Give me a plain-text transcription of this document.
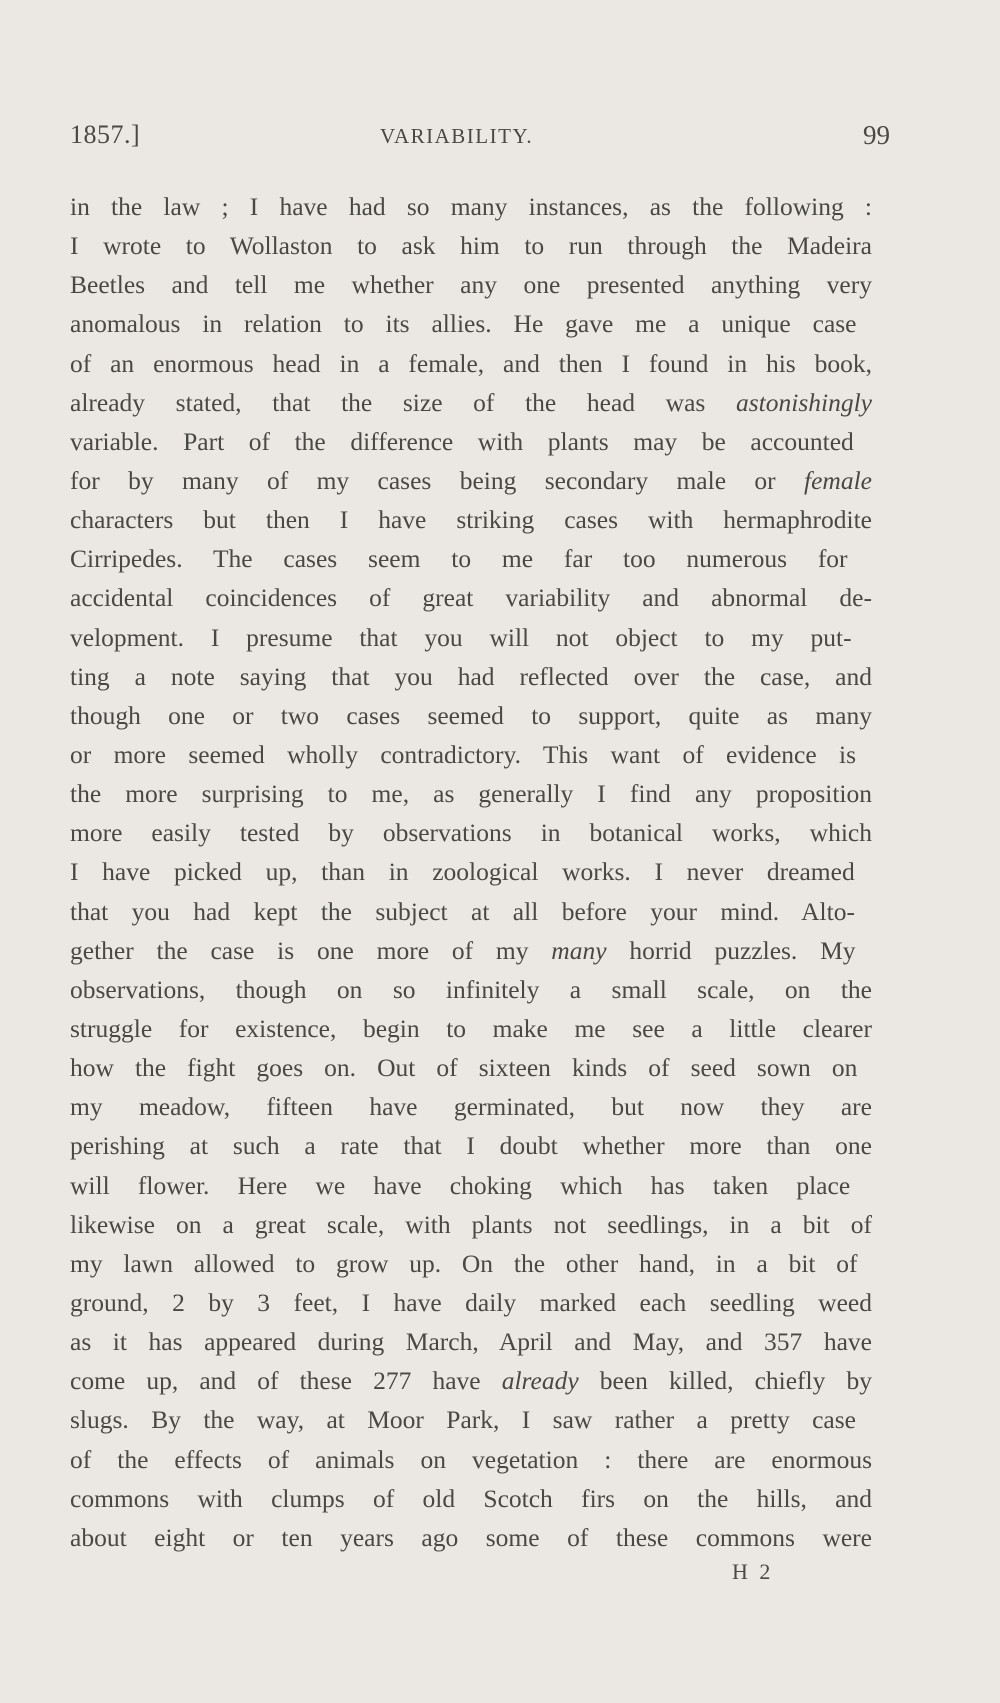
1857.]	VARIABILITY.	99
in the law ; I have had so many instances, as the following :
I wrote to Wollaston to ask him to run through the Madeira
Beetles and tell me whether any one presented anything very
anomalous in relation to its allies. He gave me a unique case
of an enormous head in a female, and then I found in his book,
already stated, that the size of the head was astonishingly
variable. Part of the difference with plants may be accounted
for by many of my cases being secondary male or female
characters but then I have striking cases with hermaphrodite
Cirripedes. The cases seem to me far too numerous for
accidental coincidences of great variability and abnormal de-
velopment. I presume that you will not object to my put-
ting a note saying that you had reflected over the case, and
though one or two cases seemed to support, quite as many
or more seemed wholly contradictory. This want of evidence is
the more surprising to me, as generally I find any proposition
more easily tested by observations in botanical works, which
I have picked up, than in zoological works. I never dreamed
that you had kept the subject at all before your mind. Alto-
gether the case is one more of my many horrid puzzles. My
observations, though on so infinitely a small scale, on the
struggle for existence, begin to make me see a little clearer
how the fight goes on. Out of sixteen kinds of seed sown on
my meadow, fifteen have germinated, but now they are
perishing at such a rate that I doubt whether more than one
will flower. Here we have choking which has taken place
likewise on a great scale, with plants not seedlings, in a bit of
my lawn allowed to grow up. On the other hand, in a bit of
ground, 2 by 3 feet, I have daily marked each seedling weed
as it has appeared during March, April and May, and 357 have
come up, and of these 277 have already been killed, chiefly by
slugs. By the way, at Moor Park, I saw rather a pretty case
of the effects of animals on vegetation : there are enormous
commons with clumps of old Scotch firs on the hills, and
about eight or ten years ago some of these commons were
H 2
